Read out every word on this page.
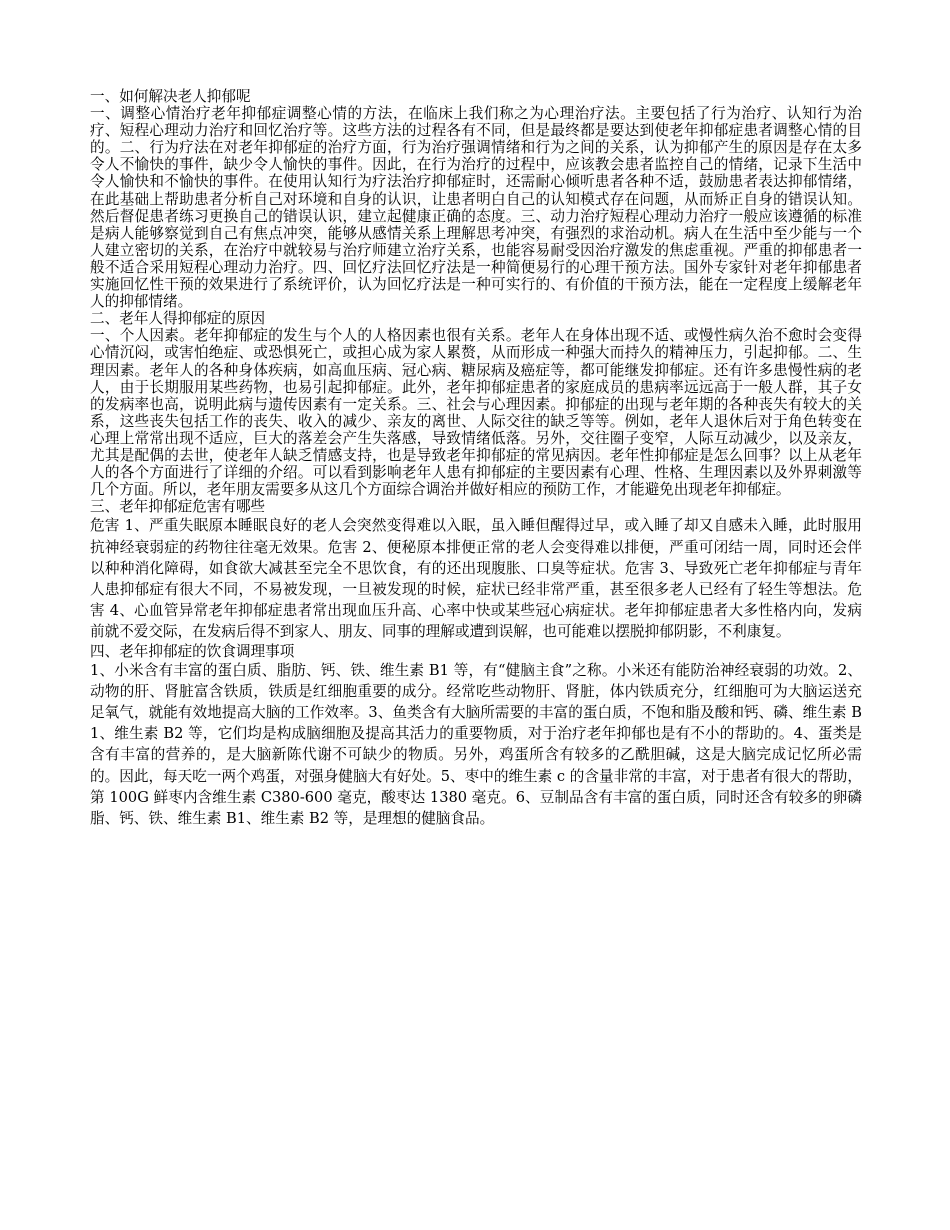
一、如何解决老人抑郁呢

一、调整心情治疗老年抑郁症调整心情的方法，在临床上我们称之为心理治疗法。主要包括了行为治疗、认知行为治疗、短程心理动力治疗和回忆治疗等。这些方法的过程各有不同，但是最终都是要达到使老年抑郁症患者调整心情的目的。二、行为疗法在对老年抑郁症的治疗方面，行为治疗强调情绪和行为之间的关系，认为抑郁产生的原因是存在太多令人不愉快的事件，缺少令人愉快的事件。因此，在行为治疗的过程中，应该教会患者监控自己的情绪，记录下生活中令人愉快和不愉快的事件。在使用认知行为疗法治疗抑郁症时，还需耐心倾听患者各种不适，鼓励患者表达抑郁情绪，在此基础上帮助患者分析自己对环境和自身的认识，让患者明白自己的认知模式存在问题，从而矫正自身的错误认知。然后督促患者练习更换自己的错误认识，建立起健康正确的态度。三、动力治疗短程心理动力治疗一般应该遵循的标准是病人能够察觉到自己有焦点冲突，能够从感情关系上理解思考冲突，有强烈的求治动机。病人在生活中至少能与一个人建立密切的关系，在治疗中就较易与治疗师建立治疗关系，也能容易耐受因治疗激发的焦虑重视。严重的抑郁患者一般不适合采用短程心理动力治疗。四、回忆疗法回忆疗法是一种简便易行的心理干预方法。国外专家针对老年抑郁患者实施回忆性干预的效果进行了系统评价，认为回忆疗法是一种可实行的、有价值的干预方法，能在一定程度上缓解老年人的抑郁情绪。

二、老年人得抑郁症的原因

一、个人因素。老年抑郁症的发生与个人的人格因素也很有关系。老年人在身体出现不适、或慢性病久治不愈时会变得心情沉闷，或害怕绝症、或恐惧死亡，或担心成为家人累赘，从而形成一种强大而持久的精神压力，引起抑郁。二、生理因素。老年人的各种身体疾病，如高血压病、冠心病、糖尿病及癌症等，都可能继发抑郁症。还有许多患慢性病的老人，由于长期服用某些药物，也易引起抑郁症。此外，老年抑郁症患者的家庭成员的患病率远远高于一般人群，其子女的发病率也高，说明此病与遗传因素有一定关系。三、社会与心理因素。抑郁症的出现与老年期的各种丧失有较大的关系，这些丧失包括工作的丧失、收入的减少、亲友的离世、人际交往的缺乏等等。例如，老年人退休后对于角色转变在心理上常常出现不适应，巨大的落差会产生失落感，导致情绪低落。另外，交往圈子变窄，人际互动减少，以及亲友，尤其是配偶的去世，使老年人缺乏情感支持，也是导致老年抑郁症的常见病因。老年性抑郁症是怎么回事？以上从老年人的各个方面进行了详细的介绍。可以看到影响老年人患有抑郁症的主要因素有心理、性格、生理因素以及外界刺激等几个方面。所以，老年朋友需要多从这几个方面综合调治并做好相应的预防工作，才能避免出现老年抑郁症。

三、老年抑郁症危害有哪些

危害 1、严重失眠原本睡眠良好的老人会突然变得难以入眠，虽入睡但醒得过早，或入睡了却又自感未入睡，此时服用抗神经衰弱症的药物往往毫无效果。危害 2、便秘原本排便正常的老人会变得难以排便，严重可闭结一周，同时还会伴以种种消化障碍，如食欲大减甚至完全不思饮食，有的还出现腹胀、口臭等症状。危害 3、导致死亡老年抑郁症与青年人患抑郁症有很大不同，不易被发现，一旦被发现的时候，症状已经非常严重，甚至很多老人已经有了轻生等想法。危害 4、心血管异常老年抑郁症患者常出现血压升高、心率中快或某些冠心病症状。老年抑郁症患者大多性格内向，发病前就不爱交际，在发病后得不到家人、朋友、同事的理解或遭到误解，也可能难以摆脱抑郁阴影，不利康复。

四、老年抑郁症的饮食调理事项

1、小米含有丰富的蛋白质、脂肪、钙、铁、维生素 B1 等，有“健脑主食”之称。小米还有能防治神经衰弱的功效。2、动物的肝、肾脏富含铁质，铁质是红细胞重要的成分。经常吃些动物肝、肾脏，体内铁质充分，红细胞可为大脑运送充足氧气，就能有效地提高大脑的工作效率。3、鱼类含有大脑所需要的丰富的蛋白质，不饱和脂及酸和钙、磷、维生素 B1、维生素 B2 等，它们均是构成脑细胞及提高其活力的重要物质，对于治疗老年抑郁也是有不小的帮助的。4、蛋类是含有丰富的营养的，是大脑新陈代谢不可缺少的物质。另外，鸡蛋所含有较多的乙酰胆碱，这是大脑完成记忆所必需的。因此，每天吃一两个鸡蛋，对强身健脑大有好处。5、枣中的维生素 c 的含量非常的丰富，对于患者有很大的帮助，第 100G 鲜枣内含维生素 C380-600 毫克，酸枣达 1380 毫克。6、豆制品含有丰富的蛋白质，同时还含有较多的卵磷脂、钙、铁、维生素 B1、维生素 B2 等，是理想的健脑食品。
